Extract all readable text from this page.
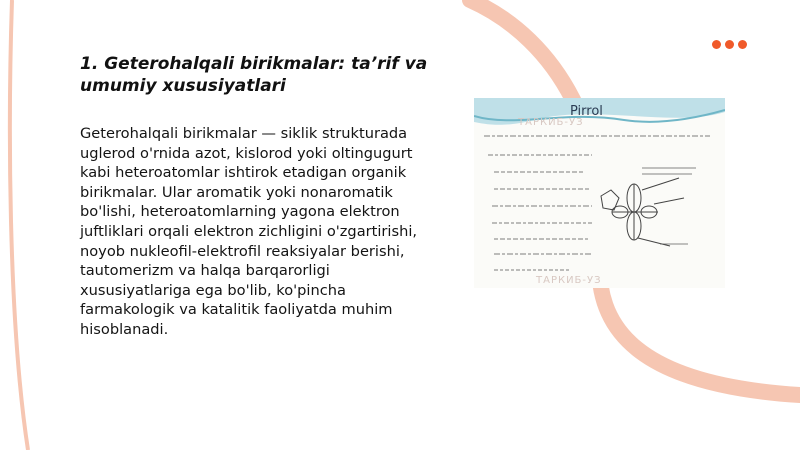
1. Geterohalqali birikmalar: ta’rif va umumiy xususiyatlari

Geterohalqali birikmalar — siklik strukturada uglerod o'rnida azot, kislorod yoki oltingugurt kabi heteroatomlar ishtirok etadigan organik birikmalar. Ular aromatik yoki nonaromatik bo'lishi, heteroatomlarning yagona elektron juftliklari orqali elektron zichligini o'zgartirishi, noyob nukleofil-elektrofil reaksiyalar berishi, tautomerizm va halqa barqarorligi xususiyatlariga ega bo'lib, ko'pincha farmakologik va katalitik faoliyatda muhim hisoblanadi.

Pirrol
ТАРКИБ-УЗ
ТАРКИБ-УЗ
